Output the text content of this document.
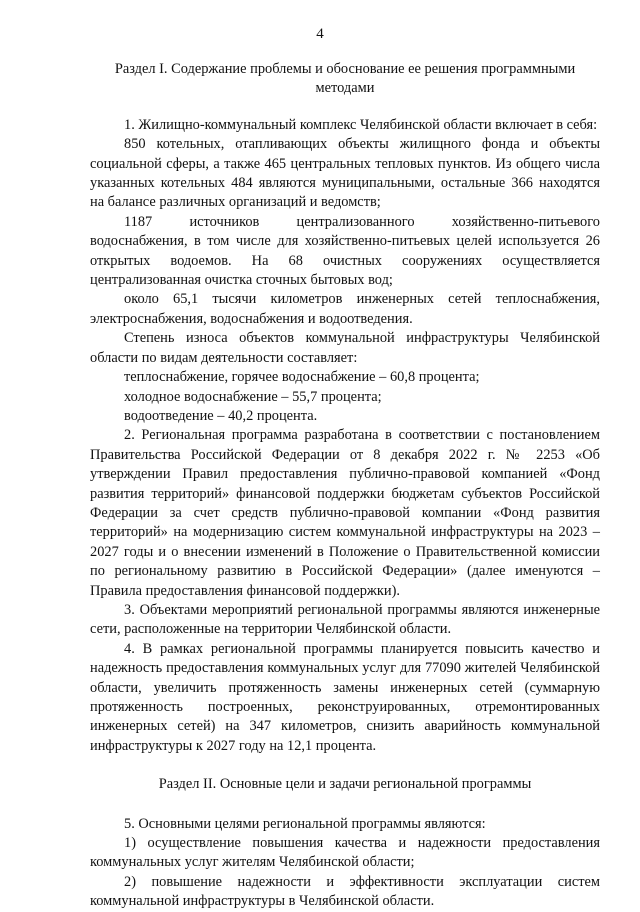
4
Раздел I. Содержание проблемы и обоснование ее решения программными методами

1. Жилищно-коммунальный комплекс Челябинской области включает в себя:

850 котельных, отапливающих объекты жилищного фонда и объекты социальной сферы, а также 465 центральных тепловых пунктов. Из общего числа указанных котельных 484 являются муниципальными, остальные 366 находятся на балансе различных организаций и ведомств;

1187 источников централизованного хозяйственно-питьевого водоснабжения, в том числе для хозяйственно-питьевых целей используется 26 открытых водоемов. На 68 очистных сооружениях осуществляется централизованная очистка сточных бытовых вод;

около 65,1 тысячи километров инженерных сетей теплоснабжения, электроснабжения, водоснабжения и водоотведения.

Степень износа объектов коммунальной инфраструктуры Челябинской области по видам деятельности составляет:

теплоснабжение, горячее водоснабжение – 60,8 процента;

холодное водоснабжение – 55,7 процента;

водоотведение – 40,2 процента.

2. Региональная программа разработана в соответствии с постановлением Правительства Российской Федерации от 8 декабря 2022 г. № 2253 «Об утверждении Правил предоставления публично-правовой компанией «Фонд развития территорий» финансовой поддержки бюджетам субъектов Российской Федерации за счет средств публично-правовой компании «Фонд развития территорий» на модернизацию систем коммунальной инфраструктуры на 2023 – 2027 годы и о внесении изменений в Положение о Правительственной комиссии по региональному развитию в Российской Федерации» (далее именуются – Правила предоставления финансовой поддержки).

3. Объектами мероприятий региональной программы являются инженерные сети, расположенные на территории Челябинской области.

4. В рамках региональной программы планируется повысить качество и надежность предоставления коммунальных услуг для 77090 жителей Челябинской области, увеличить протяженность замены инженерных сетей (суммарную протяженность построенных, реконструированных, отремонтированных инженерных сетей) на 347 километров, снизить аварийность коммунальной инфраструктуры к 2027 году на 12,1 процента.

Раздел II. Основные цели и задачи региональной программы

5. Основными целями региональной программы являются:

1) осуществление повышения качества и надежности предоставления коммунальных услуг жителям Челябинской области;

2) повышение надежности и эффективности эксплуатации систем коммунальной инфраструктуры в Челябинской области.
